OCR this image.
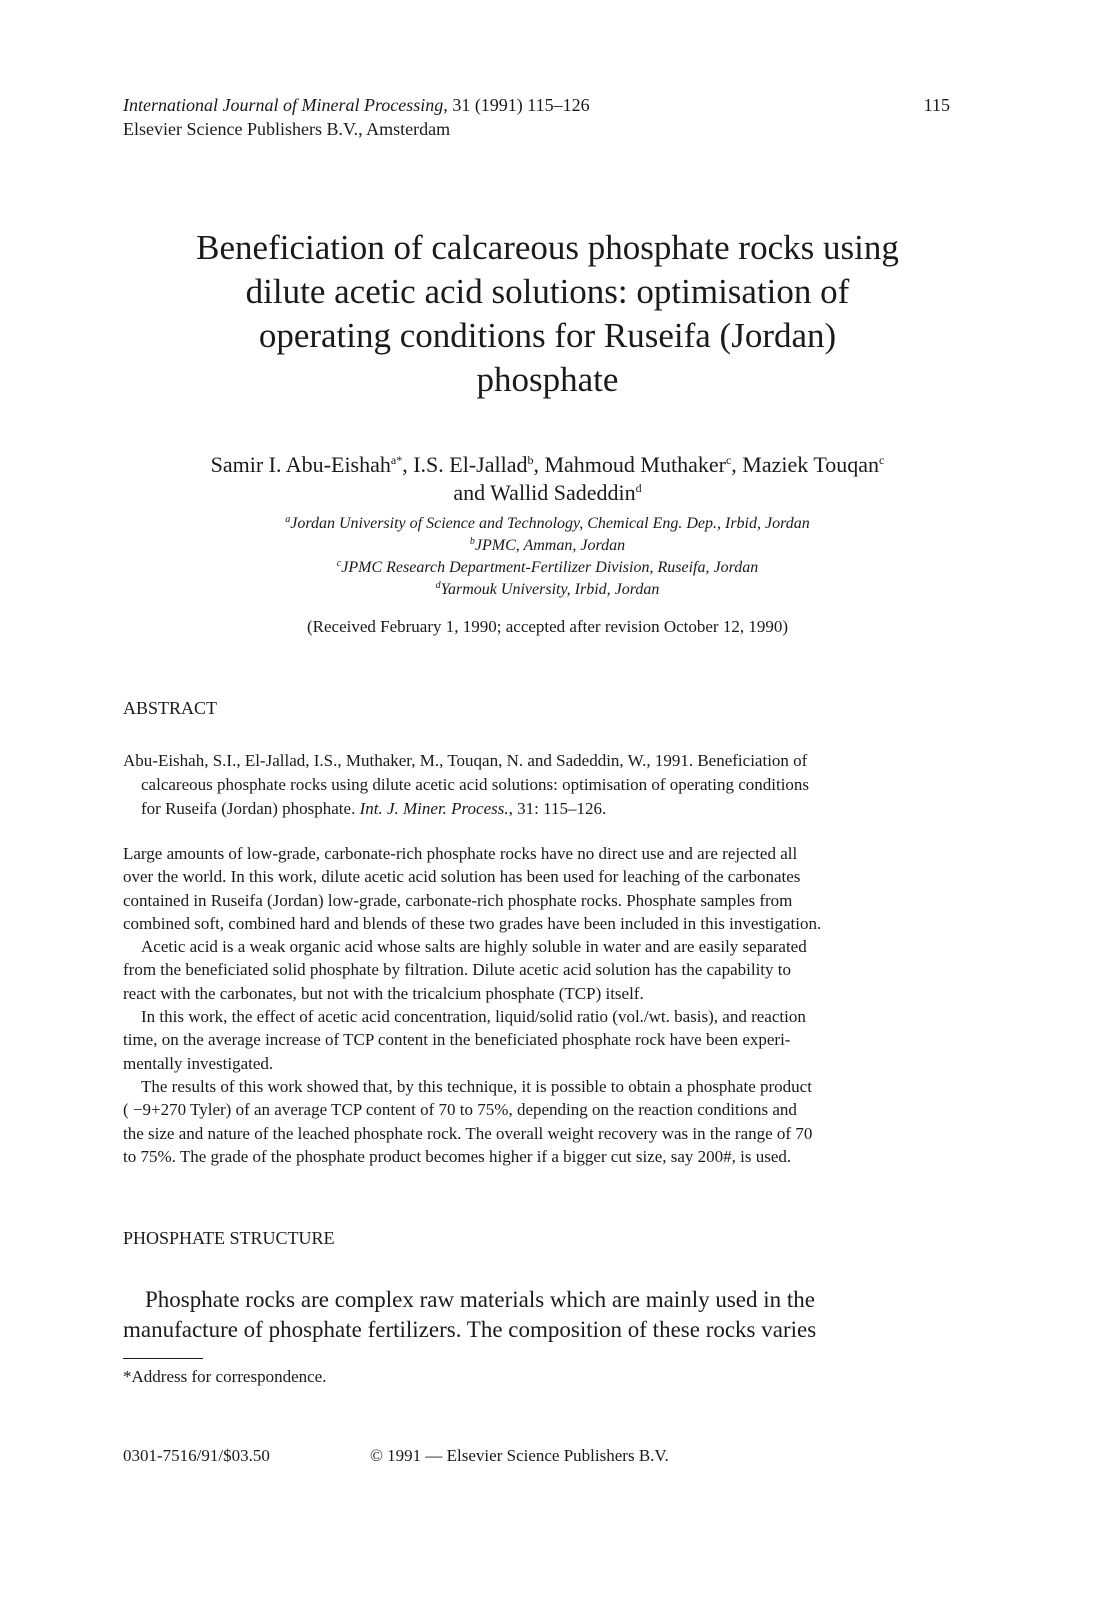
International Journal of Mineral Processing, 31 (1991) 115–126
Elsevier Science Publishers B.V., Amsterdam
115
Beneficiation of calcareous phosphate rocks using
dilute acetic acid solutions: optimisation of
operating conditions for Ruseifa (Jordan)
phosphate
Samir I. Abu-Eishah$^{a*}$, I.S. El-Jallad$^b$, Mahmoud Muthaker$^c$, Maziek Touqan$^c$
and Wallid Sadeddin$^d$
$^a$Jordan University of Science and Technology, Chemical Eng. Dep., Irbid, Jordan
$^b$JPMC, Amman, Jordan
$^c$JPMC Research Department-Fertilizer Division, Ruseifa, Jordan
$^d$Yarmouk University, Irbid, Jordan
(Received February 1, 1990; accepted after revision October 12, 1990)
ABSTRACT
Abu-Eishah, S.I., El-Jallad, I.S., Muthaker, M., Touqan, N. and Sadeddin, W., 1991. Beneficiation of
calcareous phosphate rocks using dilute acetic acid solutions: optimisation of operating conditions
for Ruseifa (Jordan) phosphate. Int. J. Miner. Process., 31: 115–126.
Large amounts of low-grade, carbonate-rich phosphate rocks have no direct use and are rejected all
over the world. In this work, dilute acetic acid solution has been used for leaching of the carbonates
contained in Ruseifa (Jordan) low-grade, carbonate-rich phosphate rocks. Phosphate samples from
combined soft, combined hard and blends of these two grades have been included in this investigation.
Acetic acid is a weak organic acid whose salts are highly soluble in water and are easily separated
from the beneficiated solid phosphate by filtration. Dilute acetic acid solution has the capability to
react with the carbonates, but not with the tricalcium phosphate (TCP) itself.
In this work, the effect of acetic acid concentration, liquid/solid ratio (vol./wt. basis), and reaction
time, on the average increase of TCP content in the beneficiated phosphate rock have been experi-
mentally investigated.
The results of this work showed that, by this technique, it is possible to obtain a phosphate product
( −9+270 Tyler) of an average TCP content of 70 to 75%, depending on the reaction conditions and
the size and nature of the leached phosphate rock. The overall weight recovery was in the range of 70
to 75%. The grade of the phosphate product becomes higher if a bigger cut size, say 200#, is used.
PHOSPHATE STRUCTURE
Phosphate rocks are complex raw materials which are mainly used in the
manufacture of phosphate fertilizers. The composition of these rocks varies
*Address for correspondence.
0301-7516/91/$03.50	© 1991 — Elsevier Science Publishers B.V.
